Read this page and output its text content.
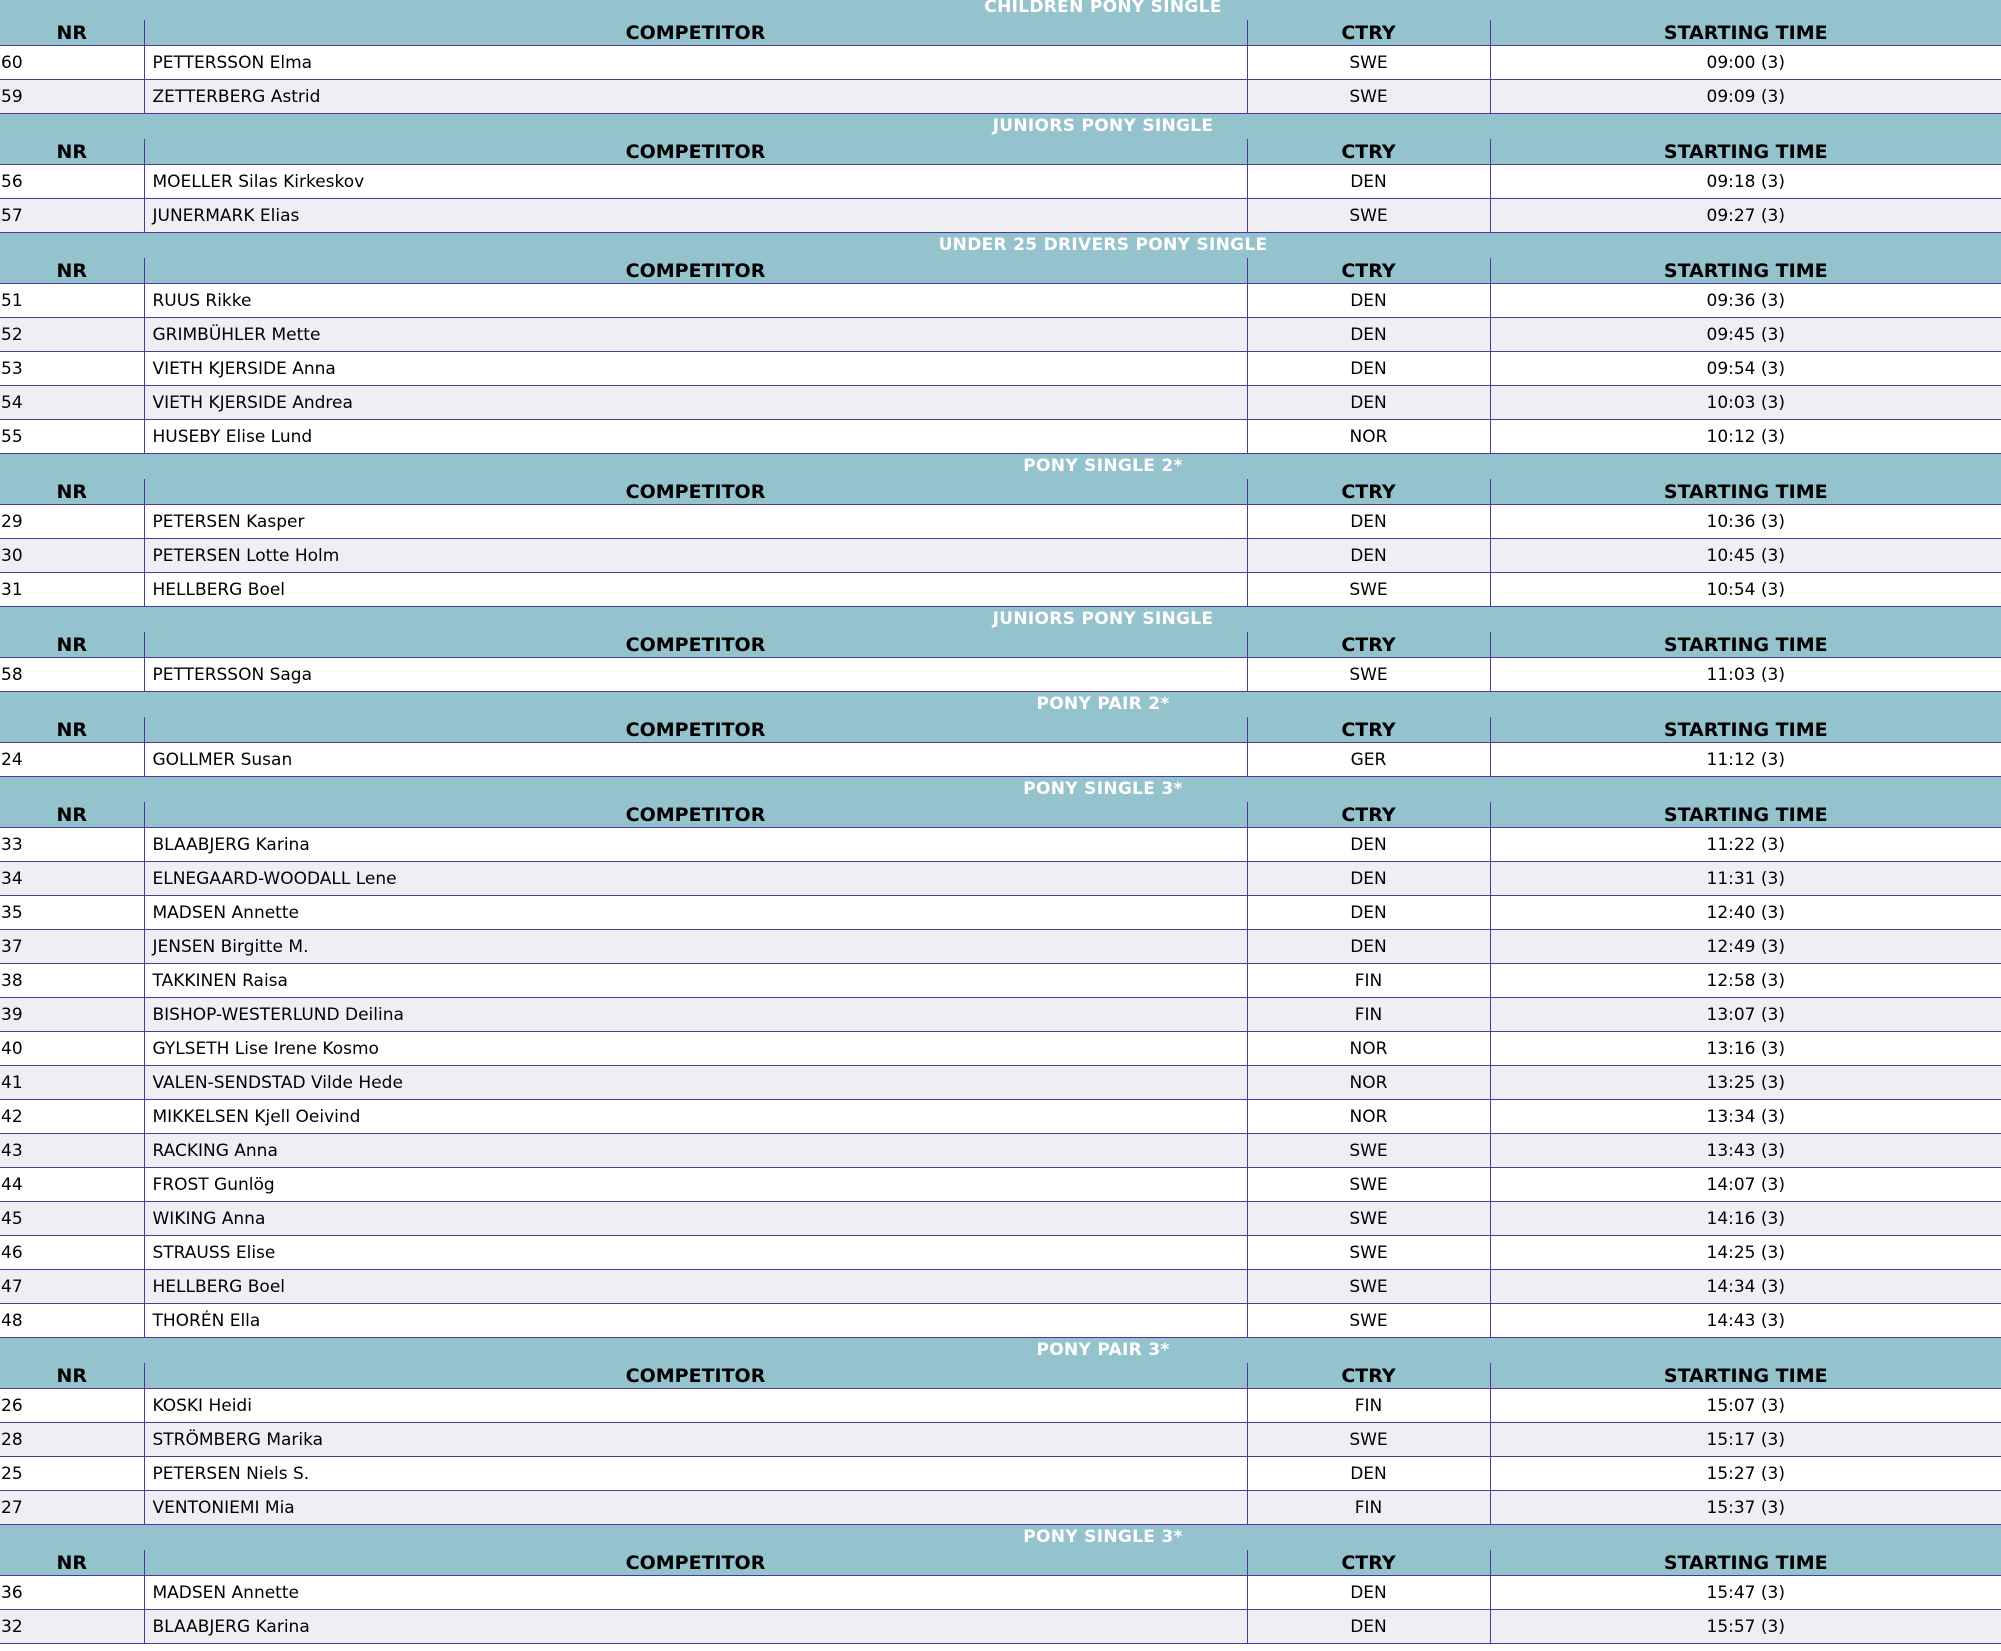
CHILDREN PONY SINGLE
NR	COMPETITOR	CTRY	STARTING TIME
60	PETTERSSON Elma	SWE	09:00 (3)
59	ZETTERBERG Astrid	SWE	09:09 (3)
JUNIORS PONY SINGLE
NR	COMPETITOR	CTRY	STARTING TIME
56	MOELLER Silas Kirkeskov	DEN	09:18 (3)
57	JUNERMARK Elias	SWE	09:27 (3)
UNDER 25 DRIVERS PONY SINGLE
NR	COMPETITOR	CTRY	STARTING TIME
51	RUUS Rikke	DEN	09:36 (3)
52	GRIMBÜHLER Mette	DEN	09:45 (3)
53	VIETH KJERSIDE Anna	DEN	09:54 (3)
54	VIETH KJERSIDE Andrea	DEN	10:03 (3)
55	HUSEBY Elise Lund	NOR	10:12 (3)
PONY SINGLE 2*
NR	COMPETITOR	CTRY	STARTING TIME
29	PETERSEN Kasper	DEN	10:36 (3)
30	PETERSEN Lotte Holm	DEN	10:45 (3)
31	HELLBERG Boel	SWE	10:54 (3)
JUNIORS PONY SINGLE
NR	COMPETITOR	CTRY	STARTING TIME
58	PETTERSSON Saga	SWE	11:03 (3)
PONY PAIR 2*
NR	COMPETITOR	CTRY	STARTING TIME
24	GOLLMER Susan	GER	11:12 (3)
PONY SINGLE 3*
NR	COMPETITOR	CTRY	STARTING TIME
33	BLAABJERG Karina	DEN	11:22 (3)
34	ELNEGAARD-WOODALL Lene	DEN	11:31 (3)
35	MADSEN Annette	DEN	12:40 (3)
37	JENSEN Birgitte M.	DEN	12:49 (3)
38	TAKKINEN Raisa	FIN	12:58 (3)
39	BISHOP-WESTERLUND Deilina	FIN	13:07 (3)
40	GYLSETH Lise Irene Kosmo	NOR	13:16 (3)
41	VALEN-SENDSTAD Vilde Hede	NOR	13:25 (3)
42	MIKKELSEN Kjell Oeivind	NOR	13:34 (3)
43	RACKING Anna	SWE	13:43 (3)
44	FROST Gunlög	SWE	14:07 (3)
45	WIKING Anna	SWE	14:16 (3)
46	STRAUSS Elise	SWE	14:25 (3)
47	HELLBERG Boel	SWE	14:34 (3)
48	THORÉN Ella	SWE	14:43 (3)
PONY PAIR 3*
NR	COMPETITOR	CTRY	STARTING TIME
26	KOSKI Heidi	FIN	15:07 (3)
28	STRÖMBERG Marika	SWE	15:17 (3)
25	PETERSEN Niels S.	DEN	15:27 (3)
27	VENTONIEMI Mia	FIN	15:37 (3)
PONY SINGLE 3*
NR	COMPETITOR	CTRY	STARTING TIME
36	MADSEN Annette	DEN	15:47 (3)
32	BLAABJERG Karina	DEN	15:57 (3)
